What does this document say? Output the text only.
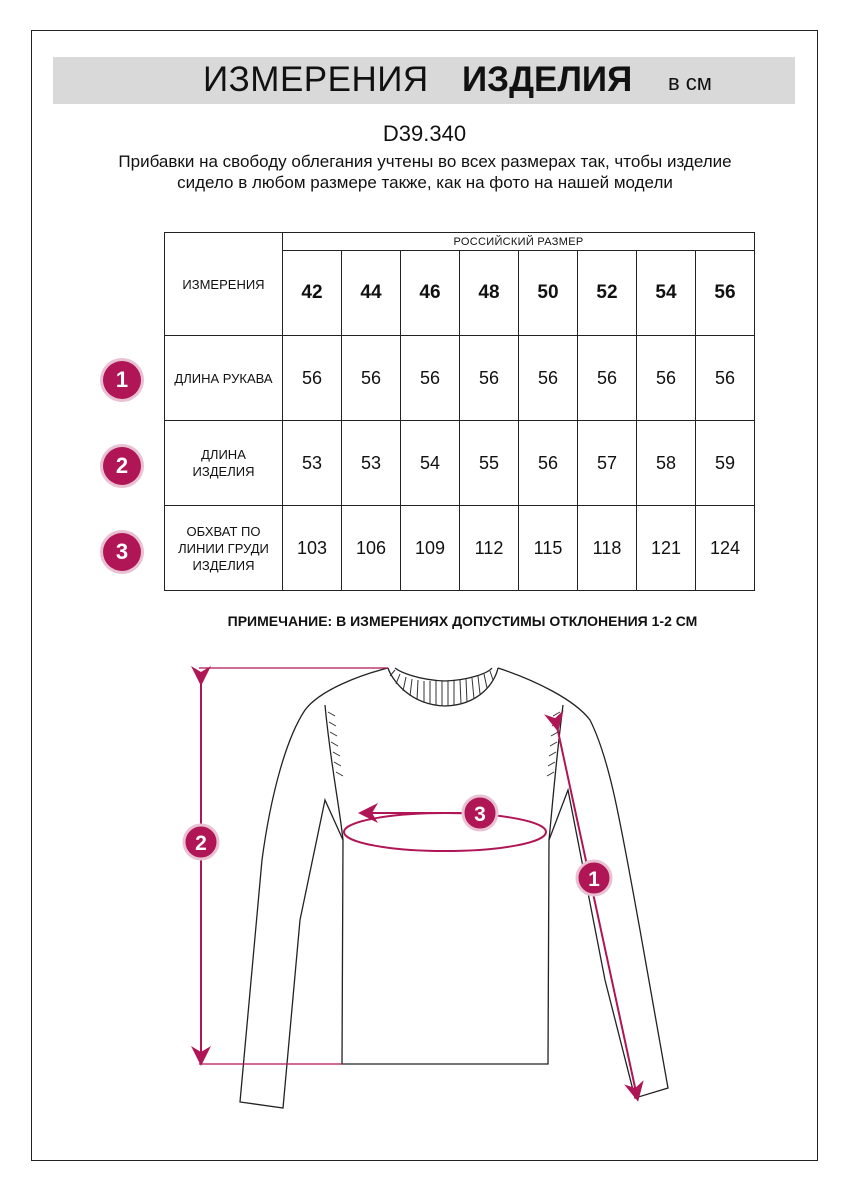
ИЗМЕРЕНИЯ ИЗДЕЛИЯ в см
D39.340
Прибавки на свободу облегания учтены во всех размерах так, чтобы изделие сидело в любом размере также, как на фото на нашей модели
ИЗМЕРЕНИЯ	РОССИЙСКИЙ РАЗМЕР							
	42	44	46	48	50	52	54	56
ДЛИНА РУКАВА	56	56	56	56	56	56	56	56
ДЛИНА ИЗДЕЛИЯ	53	53	54	55	56	57	58	59
ОБХВАТ ПО ЛИНИИ ГРУДИ ИЗДЕЛИЯ	103	106	109	112	115	118	121	124
1
2
3
ПРИМЕЧАНИЕ: В ИЗМЕРЕНИЯХ ДОПУСТИМЫ ОТКЛОНЕНИЯ 1-2 СМ
2
3
1
